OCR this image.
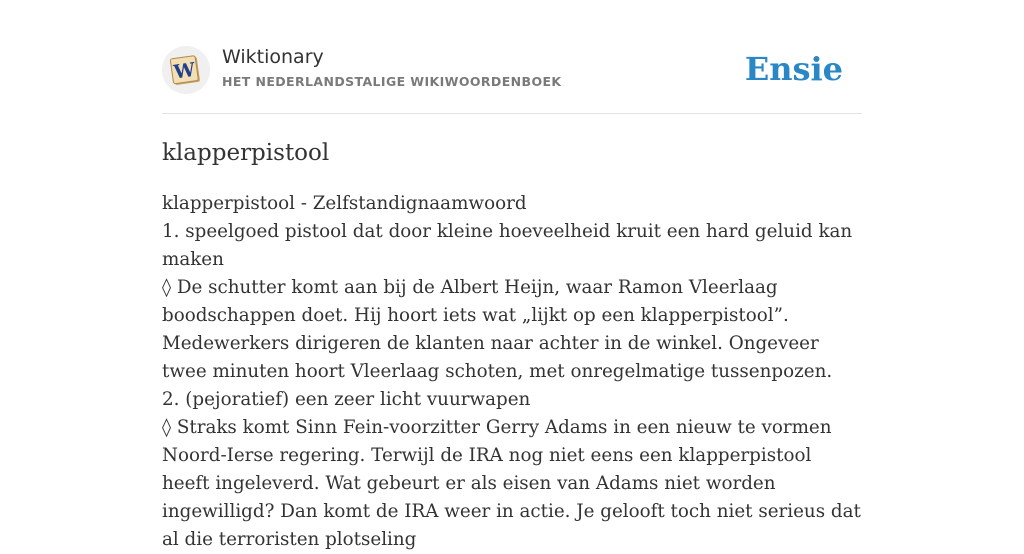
W
Wiktionary
HET NEDERLANDSTALIGE WIKIWOORDENBOEK	Ensie
klapperpistool
klapperpistool - Zelfstandignaamwoord
1. speelgoed pistool dat door kleine hoeveelheid kruit een hard geluid kan maken
◊ De schutter komt aan bij de Albert Heijn, waar Ramon Vleerlaag boodschappen doet. Hij hoort iets wat „lijkt op een klapperpistool”. Medewerkers dirigeren de klanten naar achter in de winkel. Ongeveer twee minuten hoort Vleerlaag schoten, met onregelmatige tussenpozen.
2. (pejoratief) een zeer licht vuurwapen
◊ Straks komt Sinn Fein-voorzitter Gerry Adams in een nieuw te vormen Noord-Ierse regering. Terwijl de IRA nog niet eens een klapperpistool heeft ingeleverd. Wat gebeurt er als eisen van Adams niet worden ingewilligd? Dan komt de IRA weer in actie. Je gelooft toch niet serieus dat al die terroristen plotseling
